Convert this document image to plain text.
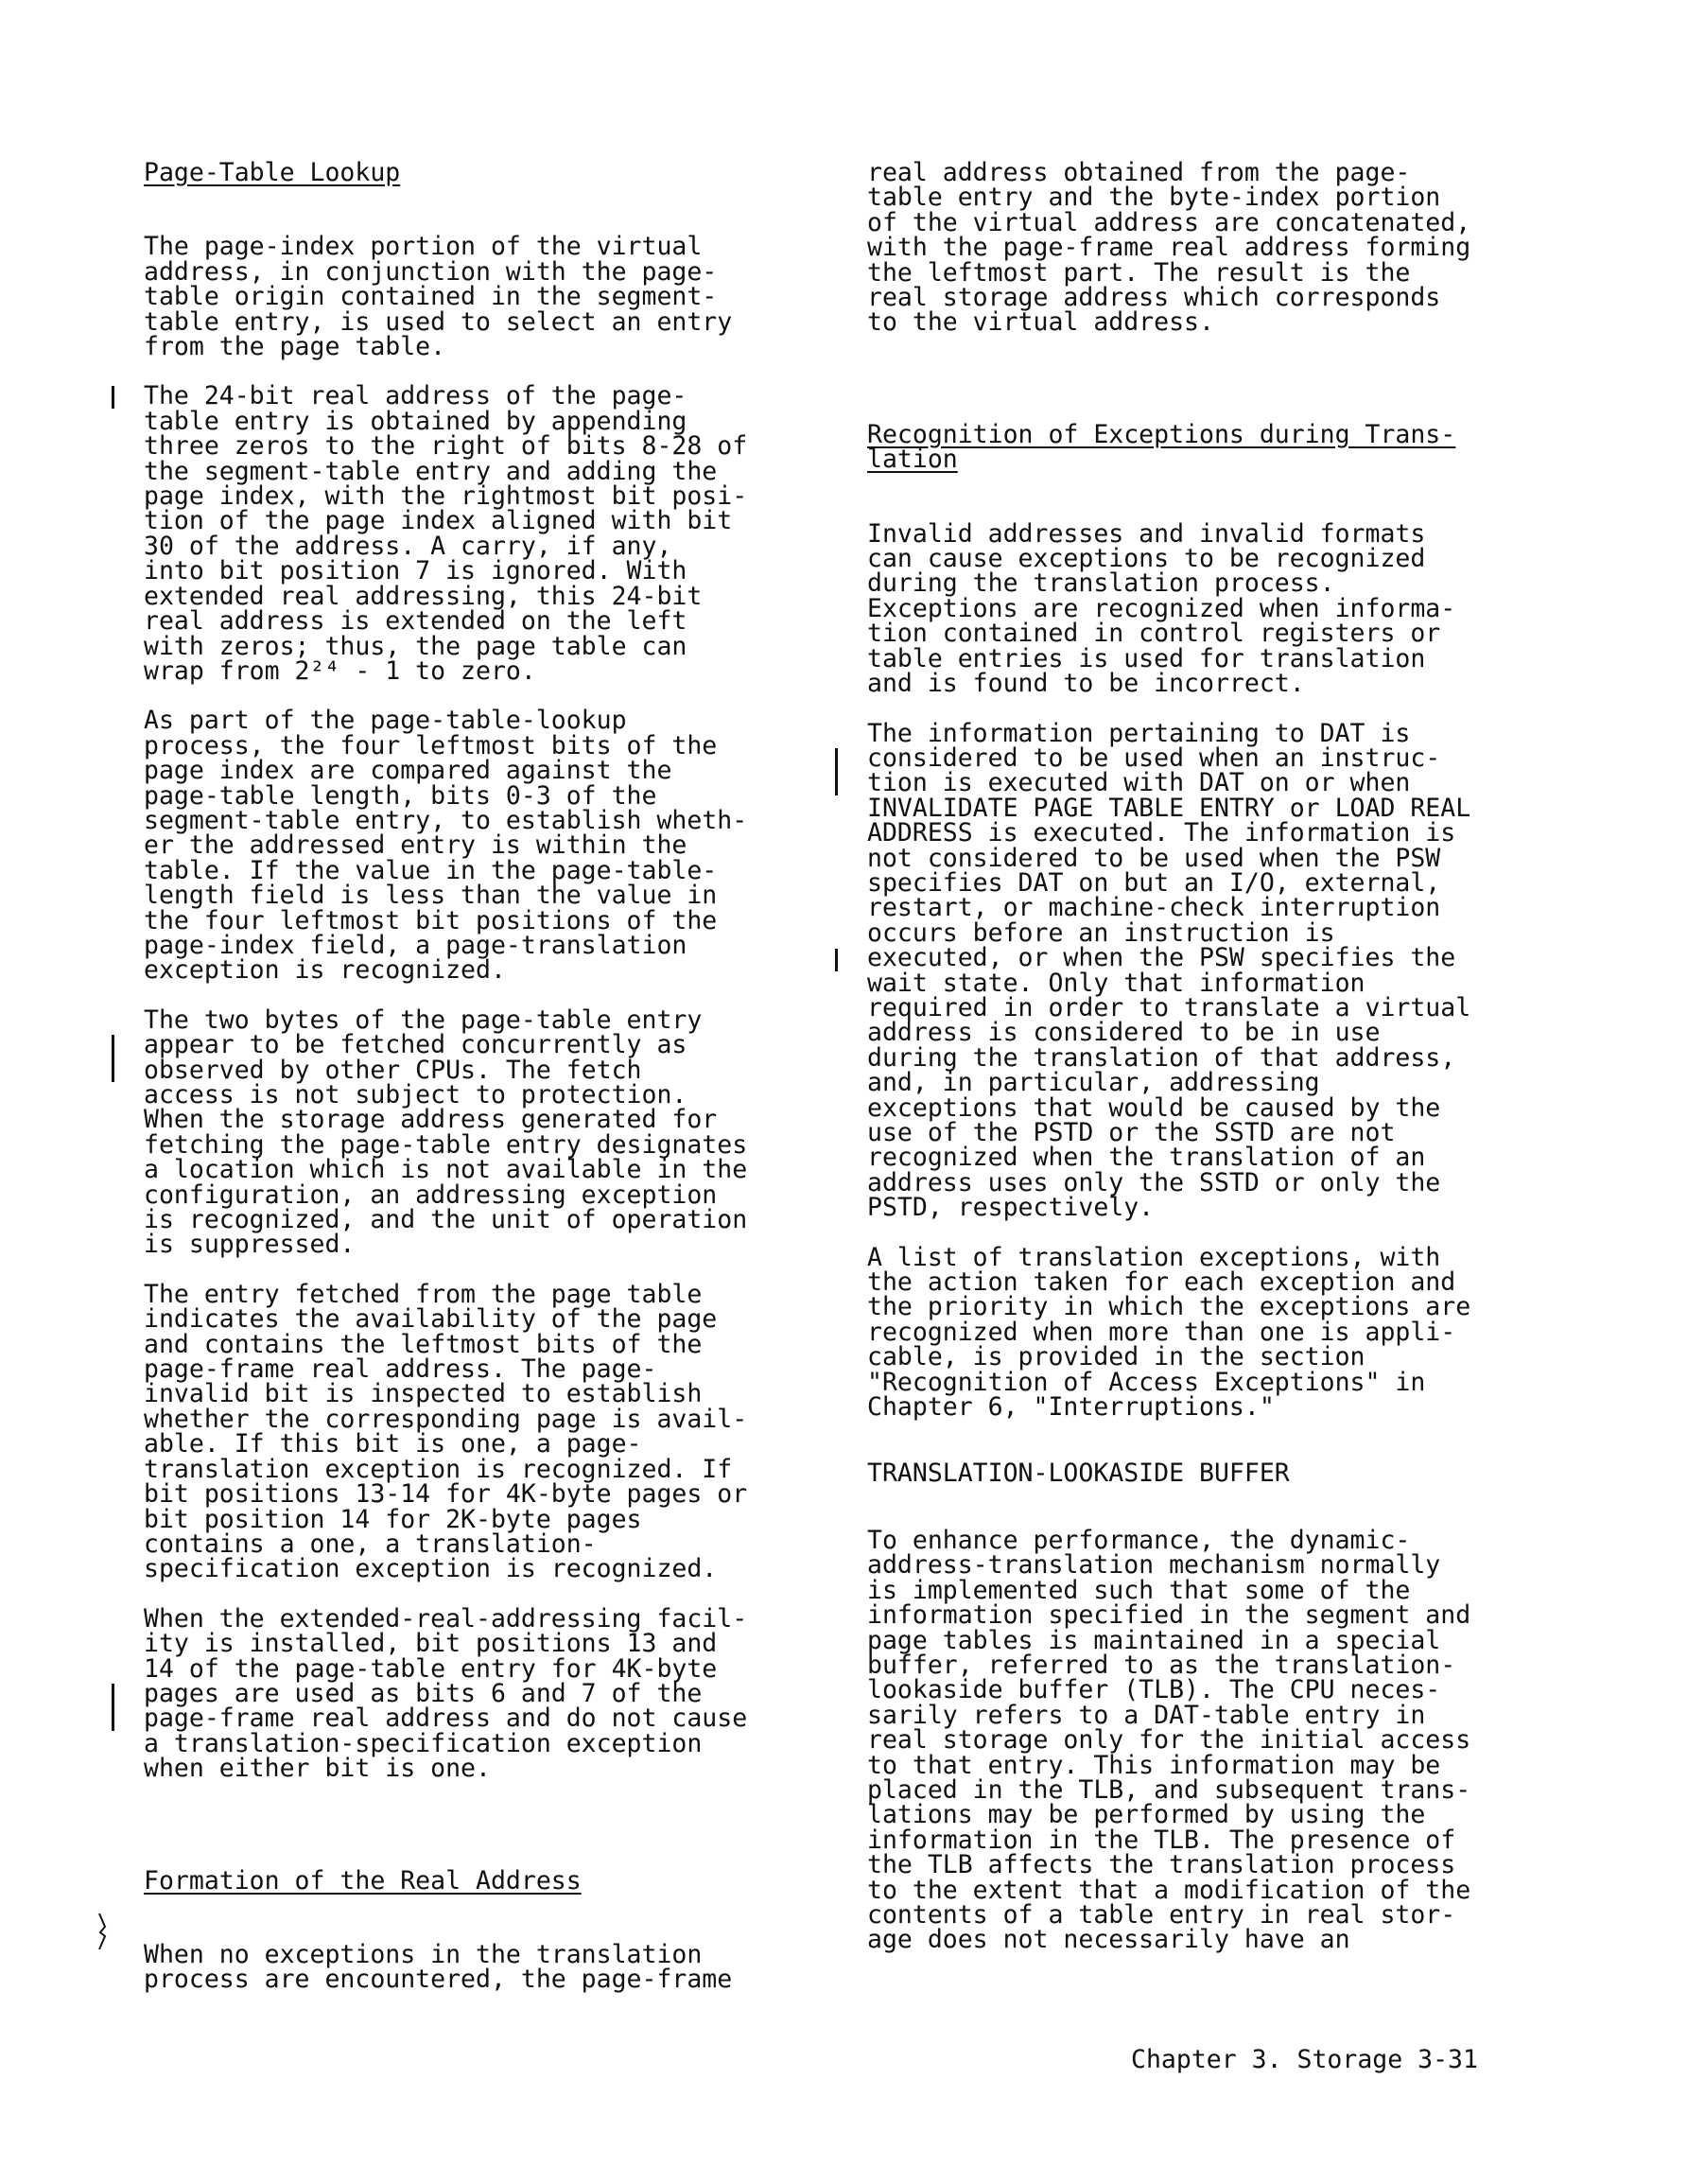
Page-Table Lookup

The page-index portion of the virtual
address, in conjunction with the page-
table origin contained in the segment-
table entry, is used to select an entry
from the page table.

The 24-bit real address of the page-
table entry is obtained by appending
three zeros to the right of bits 8-28 of
the segment-table entry and adding the
page index, with the rightmost bit posi-
tion of the page index aligned with bit
30 of the address. A carry, if any,
into bit position 7 is ignored. With
extended real addressing, this 24-bit
real address is extended on the left
with zeros; thus, the page table can
wrap from 2²⁴ - 1 to zero.

As part of the page-table-lookup
process, the four leftmost bits of the
page index are compared against the
page-table length, bits 0-3 of the
segment-table entry, to establish wheth-
er the addressed entry is within the
table. If the value in the page-table-
length field is less than the value in
the four leftmost bit positions of the
page-index field, a page-translation
exception is recognized.

The two bytes of the page-table entry
appear to be fetched concurrently as
observed by other CPUs. The fetch
access is not subject to protection.
When the storage address generated for
fetching the page-table entry designates
a location which is not available in the
configuration, an addressing exception
is recognized, and the unit of operation
is suppressed.

The entry fetched from the page table
indicates the availability of the page
and contains the leftmost bits of the
page-frame real address. The page-
invalid bit is inspected to establish
whether the corresponding page is avail-
able. If this bit is one, a page-
translation exception is recognized. If
bit positions 13-14 for 4K-byte pages or
bit position 14 for 2K-byte pages
contains a one, a translation-
specification exception is recognized.

When the extended-real-addressing facil-
ity is installed, bit positions 13 and
14 of the page-table entry for 4K-byte
pages are used as bits 6 and 7 of the
page-frame real address and do not cause
a translation-specification exception
when either bit is one.

Formation of the Real Address

When no exceptions in the translation
process are encountered, the page-frame

real address obtained from the page-
table entry and the byte-index portion
of the virtual address are concatenated,
with the page-frame real address forming
the leftmost part. The result is the
real storage address which corresponds
to the virtual address.

Recognition of Exceptions during Trans-
lation

Invalid addresses and invalid formats
can cause exceptions to be recognized
during the translation process.
Exceptions are recognized when informa-
tion contained in control registers or
table entries is used for translation
and is found to be incorrect.

The information pertaining to DAT is
considered to be used when an instruc-
tion is executed with DAT on or when
INVALIDATE PAGE TABLE ENTRY or LOAD REAL
ADDRESS is executed. The information is
not considered to be used when the PSW
specifies DAT on but an I/O, external,
restart, or machine-check interruption
occurs before an instruction is
executed, or when the PSW specifies the
wait state. Only that information
required in order to translate a virtual
address is considered to be in use
during the translation of that address,
and, in particular, addressing
exceptions that would be caused by the
use of the PSTD or the SSTD are not
recognized when the translation of an
address uses only the SSTD or only the
PSTD, respectively.

A list of translation exceptions, with
the action taken for each exception and
the priority in which the exceptions are
recognized when more than one is appli-
cable, is provided in the section
"Recognition of Access Exceptions" in
Chapter 6, "Interruptions."

TRANSLATION-LOOKASIDE BUFFER

To enhance performance, the dynamic-
address-translation mechanism normally
is implemented such that some of the
information specified in the segment and
page tables is maintained in a special
buffer, referred to as the translation-
lookaside buffer (TLB). The CPU neces-
sarily refers to a DAT-table entry in
real storage only for the initial access
to that entry. This information may be
placed in the TLB, and subsequent trans-
lations may be performed by using the
information in the TLB. The presence of
the TLB affects the translation process
to the extent that a modification of the
contents of a table entry in real stor-
age does not necessarily have an

Chapter 3. Storage 3-31
